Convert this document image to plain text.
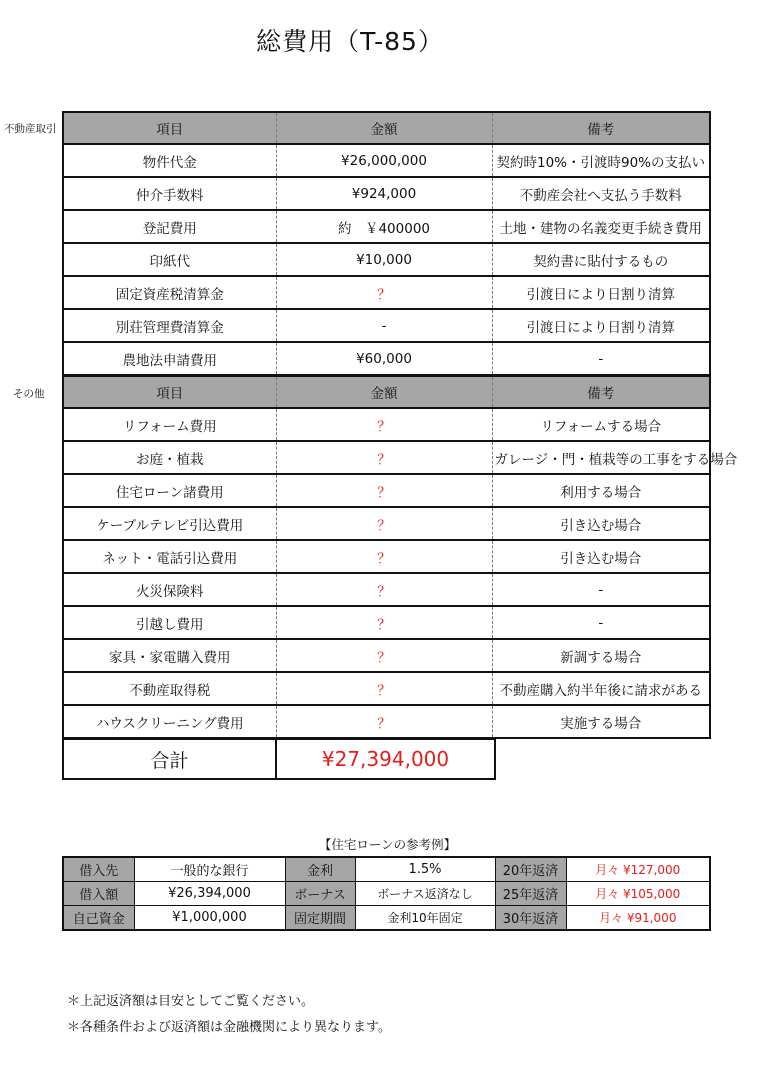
総費用（T-85）
不動産取引
その他
項目	金額	備考
物件代金	¥26,000,000	契約時10%・引渡時90%の支払い
仲介手数料	¥924,000	不動産会社へ支払う手数料
登記費用	約　￥400000	土地・建物の名義変更手続き費用
印紙代	¥10,000	契約書に貼付するもの
固定資産税清算金	？	引渡日により日割り清算
別荘管理費清算金	-	引渡日により日割り清算
農地法申請費用	¥60,000	-
項目	金額	備考
リフォーム費用	？	リフォームする場合
お庭・植栽	？	ガレージ・門・植栽等の工事をする場合
住宅ローン諸費用	？	利用する場合
ケーブルテレビ引込費用	？	引き込む場合
ネット・電話引込費用	？	引き込む場合
火災保険料	？	-
引越し費用	？	-
家具・家電購入費用	？	新調する場合
不動産取得税	？	不動産購入約半年後に請求がある
ハウスクリーニング費用	？	実施する場合
合計	¥27,394,000
【住宅ローンの参考例】
借入先	一般的な銀行	金利	1.5%	20年返済	月々 ¥127,000
借入額	¥26,394,000	ボーナス	ボーナス返済なし	25年返済	月々 ¥105,000
自己資金	¥1,000,000	固定期間	金利10年固定	30年返済	月々 ¥91,000
＊上記返済額は目安としてご覧ください。
＊各種条件および返済額は金融機関により異なります。
